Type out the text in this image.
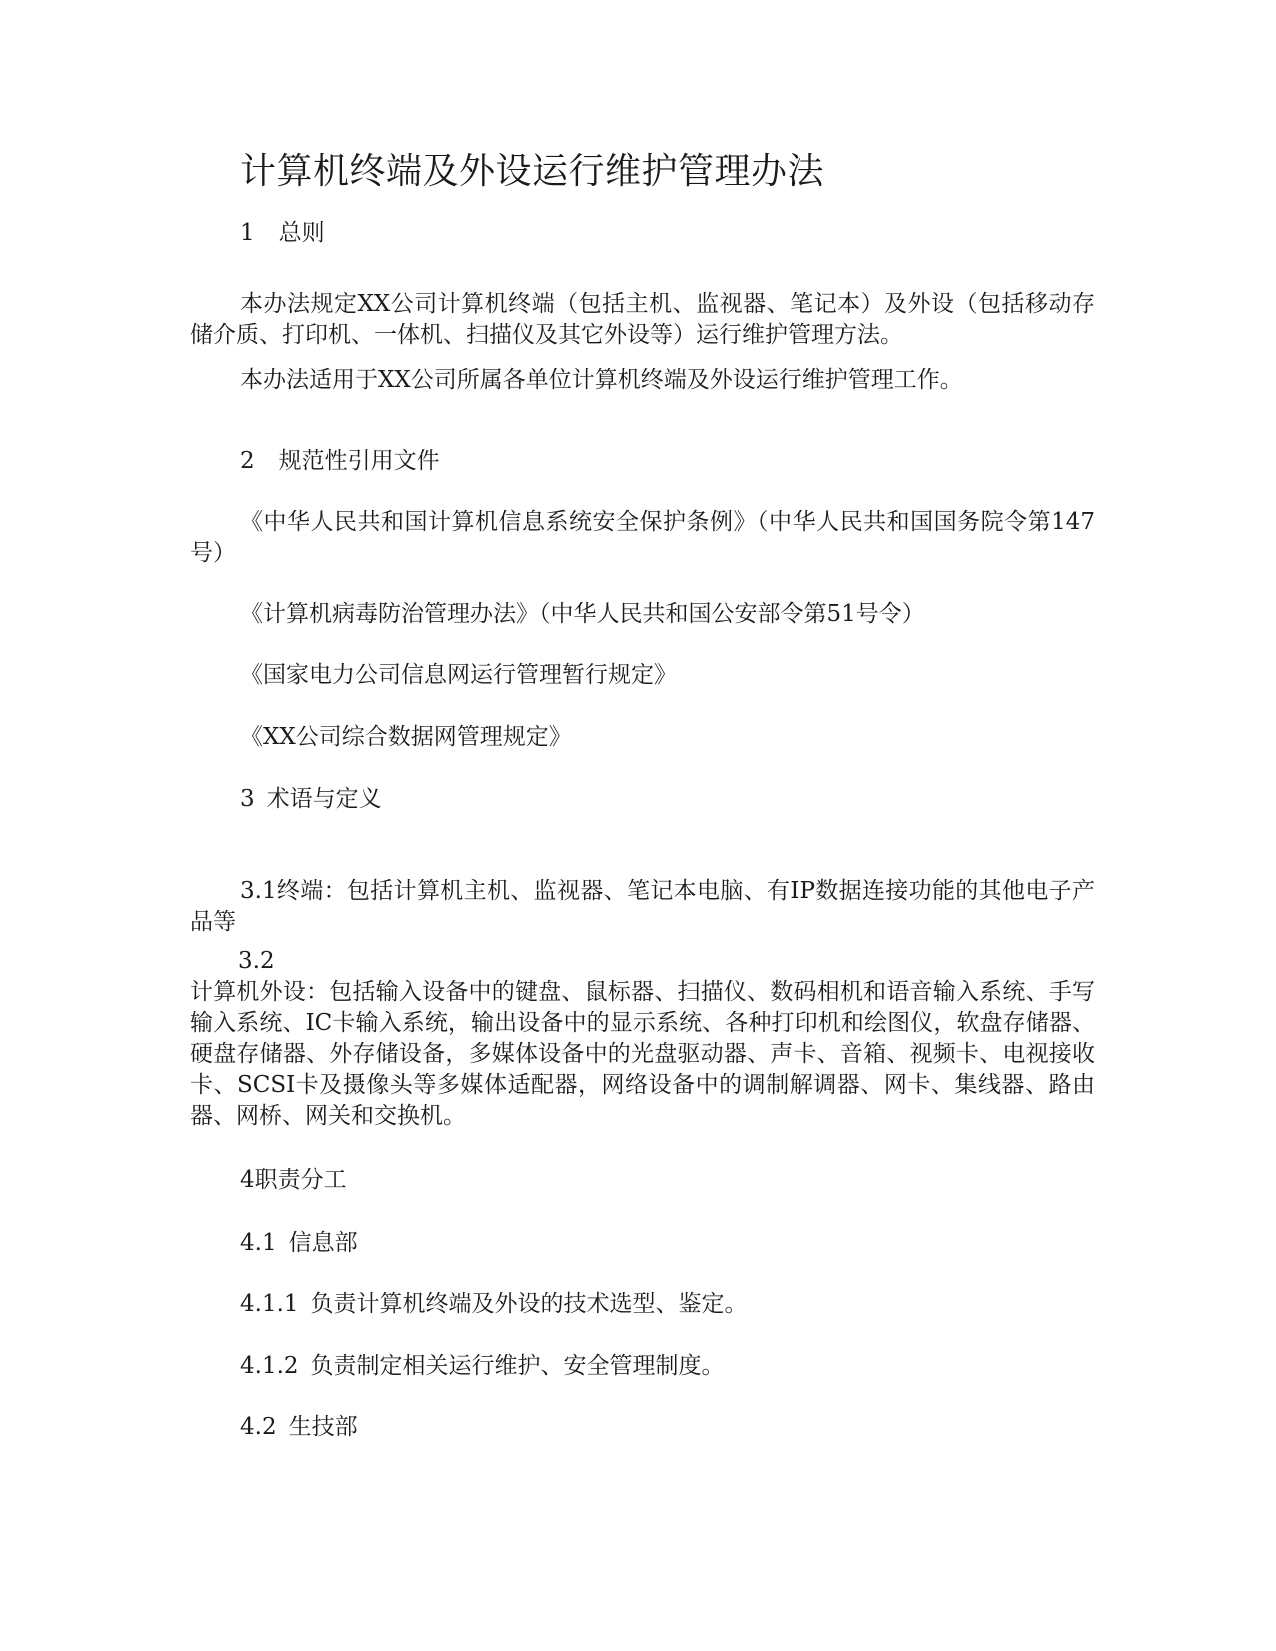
计算机终端及外设运行维护管理办法
1 总则

本办法规定XX公司计算机终端（包括主机、监视器、笔记本）及外设（包括移动存储介质、打印机、一体机、扫描仪及其它外设等）运行维护管理方法。

本办法适用于XX公司所属各单位计算机终端及外设运行维护管理工作。

2 规范性引用文件

《中华人民共和国计算机信息系统安全保护条例》（中华人民共和国国务院令第147号）

《计算机病毒防治管理办法》（中华人民共和国公安部令第51号令）

《国家电力公司信息网运行管理暂行规定》

《XX公司综合数据网管理规定》

3 术语与定义

3.1终端：包括计算机主机、监视器、笔记本电脑、有IP数据连接功能的其他电子产品等

3.2
计算机外设：包括输入设备中的键盘、鼠标器、扫描仪、数码相机和语音输入系统、手写输入系统、IC卡输入系统，输出设备中的显示系统、各种打印机和绘图仪，软盘存储器、硬盘存储器、外存储设备，多媒体设备中的光盘驱动器、声卡、音箱、视频卡、电视接收卡、SCSI卡及摄像头等多媒体适配器，网络设备中的调制解调器、网卡、集线器、路由器、网桥、网关和交换机。
4职责分工
4.1 信息部
4.1.1 负责计算机终端及外设的技术选型、鉴定。
4.1.2 负责制定相关运行维护、安全管理制度。
4.2 生技部
